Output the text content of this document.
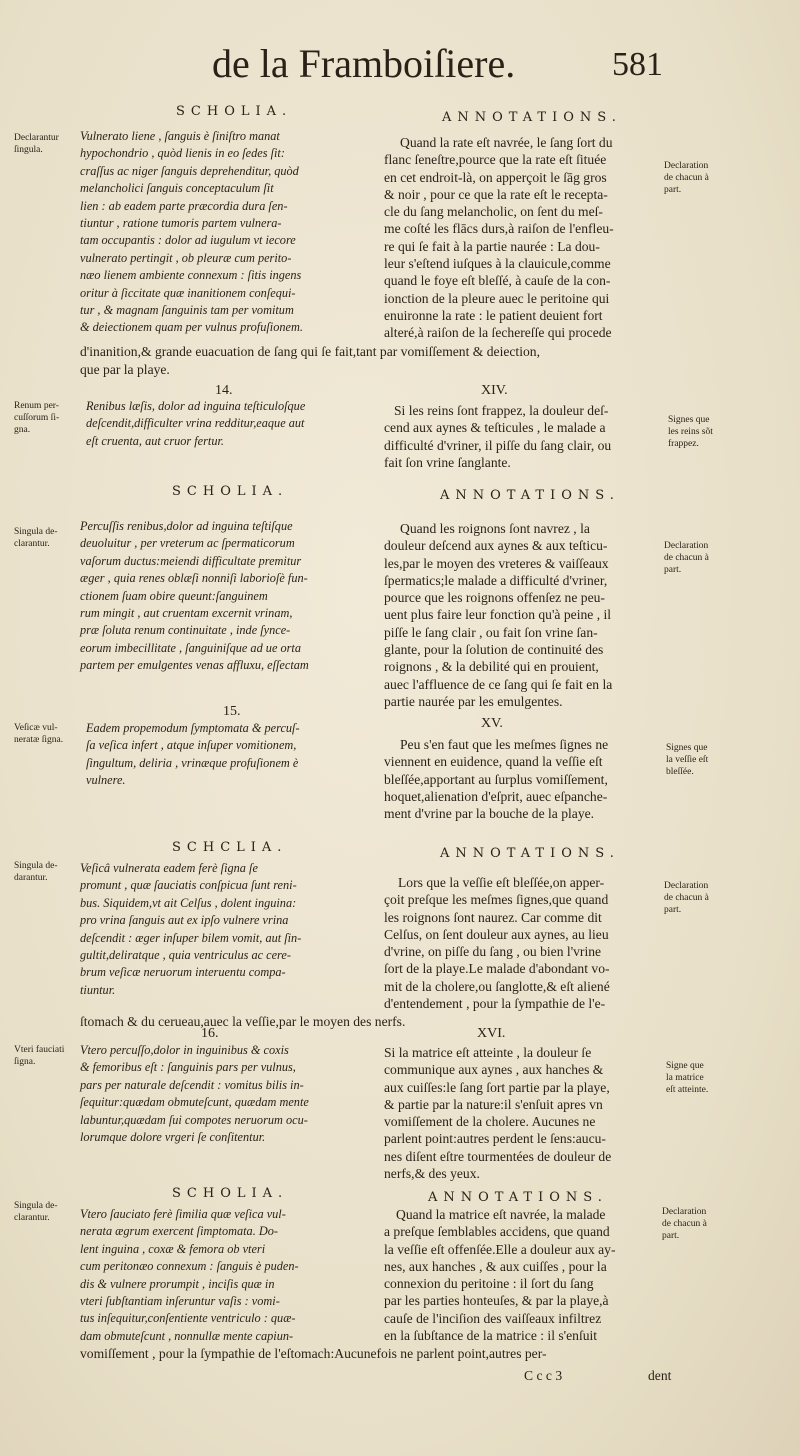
de la Framboiſiere.	581
SCHOLIA.	ANNOTATIONS.
SCHOLIA.	ANNOTATIONS.
SCHCLIA.	ANNOTATIONS.
SCHOLIA.	ANNOTATIONS.
14.
15.
16.
XIV.
XV.
XVI.
Declarantur
ſingula.
Renum per-
cuſſorum ſi-
gna.
Singula de-
clarantur.
Veſicæ vul-
neratæ ſigna.
Singula de-
darantur.
Vteri fauciati
ſigna.
Singula de-
clarantur.
Declaration
de chacun à
part.
Signes que
les reins sõt
frappez.
Declaration
de chacun à
part.
Signes que
la veſſie eſt
bleſſée.
Declaration
de chacun à
part.
Signe que
la matrice
eſt atteinte.
Declaration
de chacun à
part.
Vulnerato liene , ſanguis è ſiniſtro manat
hypochondrio , quòd lienis in eo ſedes ſit:
craſſus ac niger ſanguis deprehenditur, quòd
melancholici ſanguis conceptaculum ſit
lien : ab eadem parte præcordia dura ſen-
tiuntur , ratione tumoris partem vulnera-
tam occupantis : dolor ad iugulum vt iecore
vulnerato pertingit , ob pleuræ cum perito-
næo lienem ambiente connexum : ſitis ingens
oritur à ſiccitate quæ inanitionem conſequi-
tur , & magnam ſanguinis tam per vomitum
& deiectionem quam per vulnus profuſionem.
Renibus læſis, dolor ad inguina teſticuloſque
deſcendit,difficulter vrina redditur,eaque aut
eſt cruenta, aut cruor fertur.
Percuſſis renibus,dolor ad inguina teſtiſque
deuoluitur , per vreterum ac ſpermaticorum
vaſorum ductus:meiendi difficultate premitur
æger , quia renes oblæſi nonniſi laborioſè fun-
ctionem ſuam obire queunt:ſanguinem
rum mingit , aut cruentam excernit vrinam,
præ ſoluta renum continuitate , inde ſynce-
eorum imbecillitate , ſanguiniſque ad ue orta
partem per emulgentes venas affluxu, eſſectam
Eadem propemodum ſymptomata & percuſ-
ſa veſica infert , atque inſuper vomitionem,
ſingultum, deliria , vrinæque profuſionem è
vulnere.
Veſicâ vulnerata eadem ferè ſigna ſe
promunt , quæ ſauciatis conſpicua ſunt reni-
bus. Siquidem,vt ait Celſus , dolent inguina:
pro vrina ſanguis aut ex ipſo vulnere vrina
deſcendit : æger inſuper bilem vomit, aut ſin-
gultit,deliratque , quia ventriculus ac cere-
brum veſicæ neruorum interuentu compa-
tiuntur.
Vtero percuſſo,dolor in inguinibus & coxis
& femoribus eſt : ſanguinis pars per vulnus,
pars per naturale deſcendit : vomitus bilis in-
ſequitur:quædam obmuteſcunt, quædam mente
labuntur,quædam ſui compotes neruorum ocu-
lorumque dolore vrgeri ſe conſitentur.
Vtero ſauciato ferè ſimilia quæ veſica vul-
nerata ægrum exercent ſimptomata. Do-
lent inguina , coxæ & femora ob vteri
cum peritonæo connexum : ſanguis è puden-
dis & vulnere prorumpit , inciſis quæ in
vteri ſubſtantiam inſeruntur vaſis : vomi-
tus inſequitur,conſentiente ventriculo : quæ-
dam obmuteſcunt , nonnullæ mente capiun-
Quand la rate eſt navrée, le ſang ſort du
flanc ſeneſtre,pource que la rate eſt ſituée
en cet endroit-là, on apperçoit le ſāg gros
& noir , pour ce que la rate eſt le recepta-
cle du ſang melancholic, on ſent du meſ-
me coſté les flācs durs,à raiſon de l'enfleu-
re qui ſe fait à la partie naurée : La dou-
leur s'eſtend iuſques à la clauicule,comme
quand le foye eſt bleſſé, à cauſe de la con-
ionction de la pleure auec le peritoine qui
enuironne la rate : le patient deuient fort
alteré,à raiſon de la ſechereſſe qui procede
d'inanition,& grande euacuation de ſang qui ſe fait,tant par vomiſſement & deiection,
que par la playe.
Si les reins ſont frappez, la douleur deſ-
cend aux aynes & teſticules , le malade a
difficulté d'vriner, il piſſe du ſang clair, ou
fait ſon vrine ſanglante.
Quand les roignons ſont navrez , la
douleur deſcend aux aynes & aux teſticu-
les,par le moyen des vreteres & vaiſſeaux
ſpermatics;le malade a difficulté d'vriner,
pource que les roignons offenſez ne peu-
uent plus faire leur fonction qu'à peine , il
piſſe le ſang clair , ou fait ſon vrine ſan-
glante, pour la ſolution de continuité des
roignons , & la debilité qui en prouient,
auec l'affluence de ce ſang qui ſe fait en la
partie naurée par les emulgentes.
Peu s'en faut que les meſmes ſignes ne
viennent en euidence, quand la veſſie eſt
bleſſée,apportant au ſurplus vomiſſement,
hoquet,alienation d'eſprit, auec eſpanche-
ment d'vrine par la bouche de la playe.
Lors que la veſſie eſt bleſſée,on apper-
çoit preſque les meſmes ſignes,que quand
les roignons ſont naurez. Car comme dit
Celſus, on ſent douleur aux aynes, au lieu
d'vrine, on piſſe du ſang , ou bien l'vrine
ſort de la playe.Le malade d'abondant vo-
mit de la cholere,ou ſanglotte,& eſt aliené
d'entendement , pour la ſympathie de l'e-
ſtomach & du cerueau,auec la veſſie,par le moyen des nerfs.
Si la matrice eſt atteinte , la douleur ſe
communique aux aynes , aux hanches &
aux cuiſſes:le ſang ſort partie par la playe,
& partie par la nature:il s'enſuit apres vn
vomiſſement de la cholere. Aucunes ne
parlent point:autres perdent le ſens:aucu-
nes diſent eſtre tourmentées de douleur de
nerfs,& des yeux.
Quand la matrice eſt navrée, la malade
a preſque ſemblables accidens, que quand
la veſſie eſt offenſée.Elle a douleur aux ay-
nes, aux hanches , & aux cuiſſes , pour la
connexion du peritoine : il ſort du ſang
par les parties honteuſes, & par la playe,à
cauſe de l'inciſion des vaiſſeaux infiltrez
en la ſubſtance de la matrice : il s'enſuit
vomiſſement , pour la ſympathie de l'eſtomach:Aucunefois ne parlent point,autres per-
C c c 3	dent
